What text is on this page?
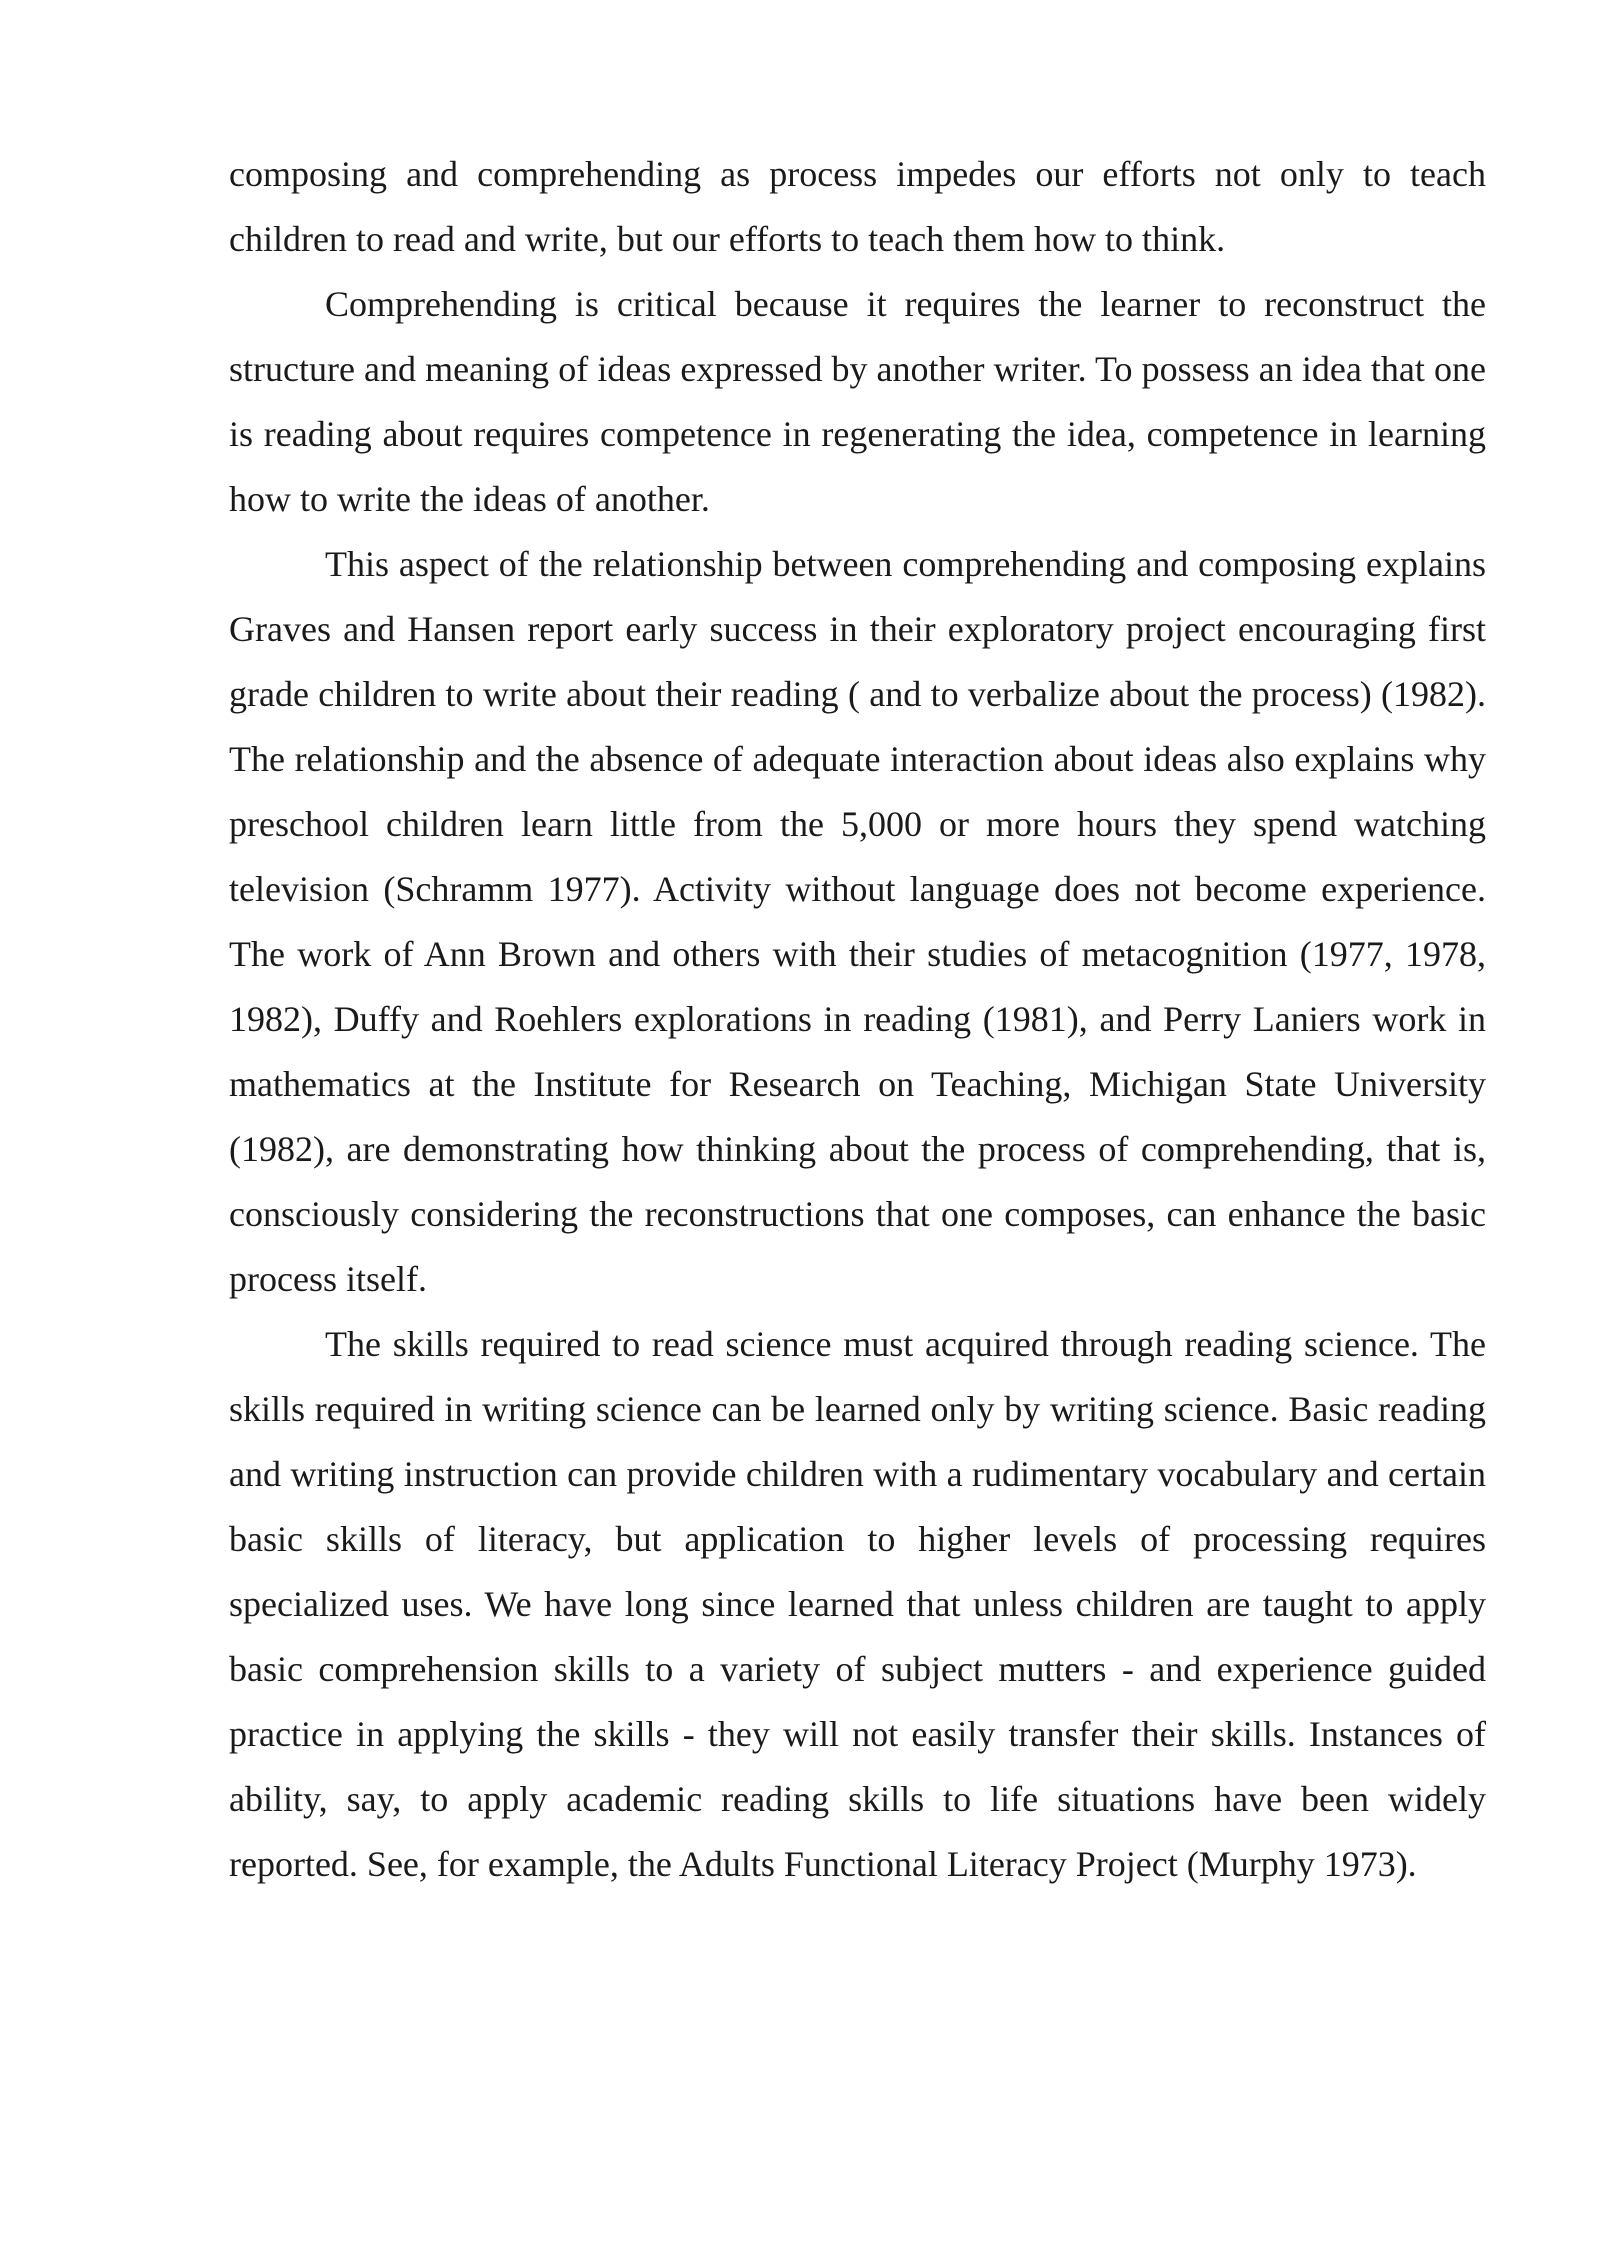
composing and comprehending as process impedes our efforts not only to teach children to read and write, but our efforts to teach them how to think.

Comprehending is critical because it requires the learner to reconstruct the structure and meaning of ideas expressed by another writer. To possess an idea that one is reading about requires competence in regenerating the idea, competence in learning how to write the ideas of another.

This aspect of the relationship between comprehending and composing explains Graves and Hansen report early success in their exploratory project encouraging first grade children to write about their reading ( and to verbalize about the process) (1982). The relationship and the absence of adequate interaction about ideas also explains why preschool children learn little from the 5,000 or more hours they spend watching television (Schramm 1977). Activity without language does not become experience. The work of Ann Brown and others with their studies of metacognition (1977, 1978, 1982), Duffy and Roehlers explorations in reading (1981), and Perry Laniers work in mathematics at the Institute for Research on Teaching, Michigan State University (1982), are demonstrating how thinking about the process of comprehending, that is, consciously considering the reconstructions that one composes, can enhance the basic process itself.

The skills required to read science must acquired through reading science. The skills required in writing science can be learned only by writing science. Basic reading and writing instruction can provide children with a rudimentary vocabulary and certain basic skills of literacy, but application to higher levels of processing requires specialized uses. We have long since learned that unless children are taught to apply basic comprehension skills to a variety of subject mutters - and experience guided practice in applying the skills - they will not easily transfer their skills. Instances of ability, say, to apply academic reading skills to life situations have been widely reported. See, for example, the Adults Functional Literacy Project (Murphy 1973).
